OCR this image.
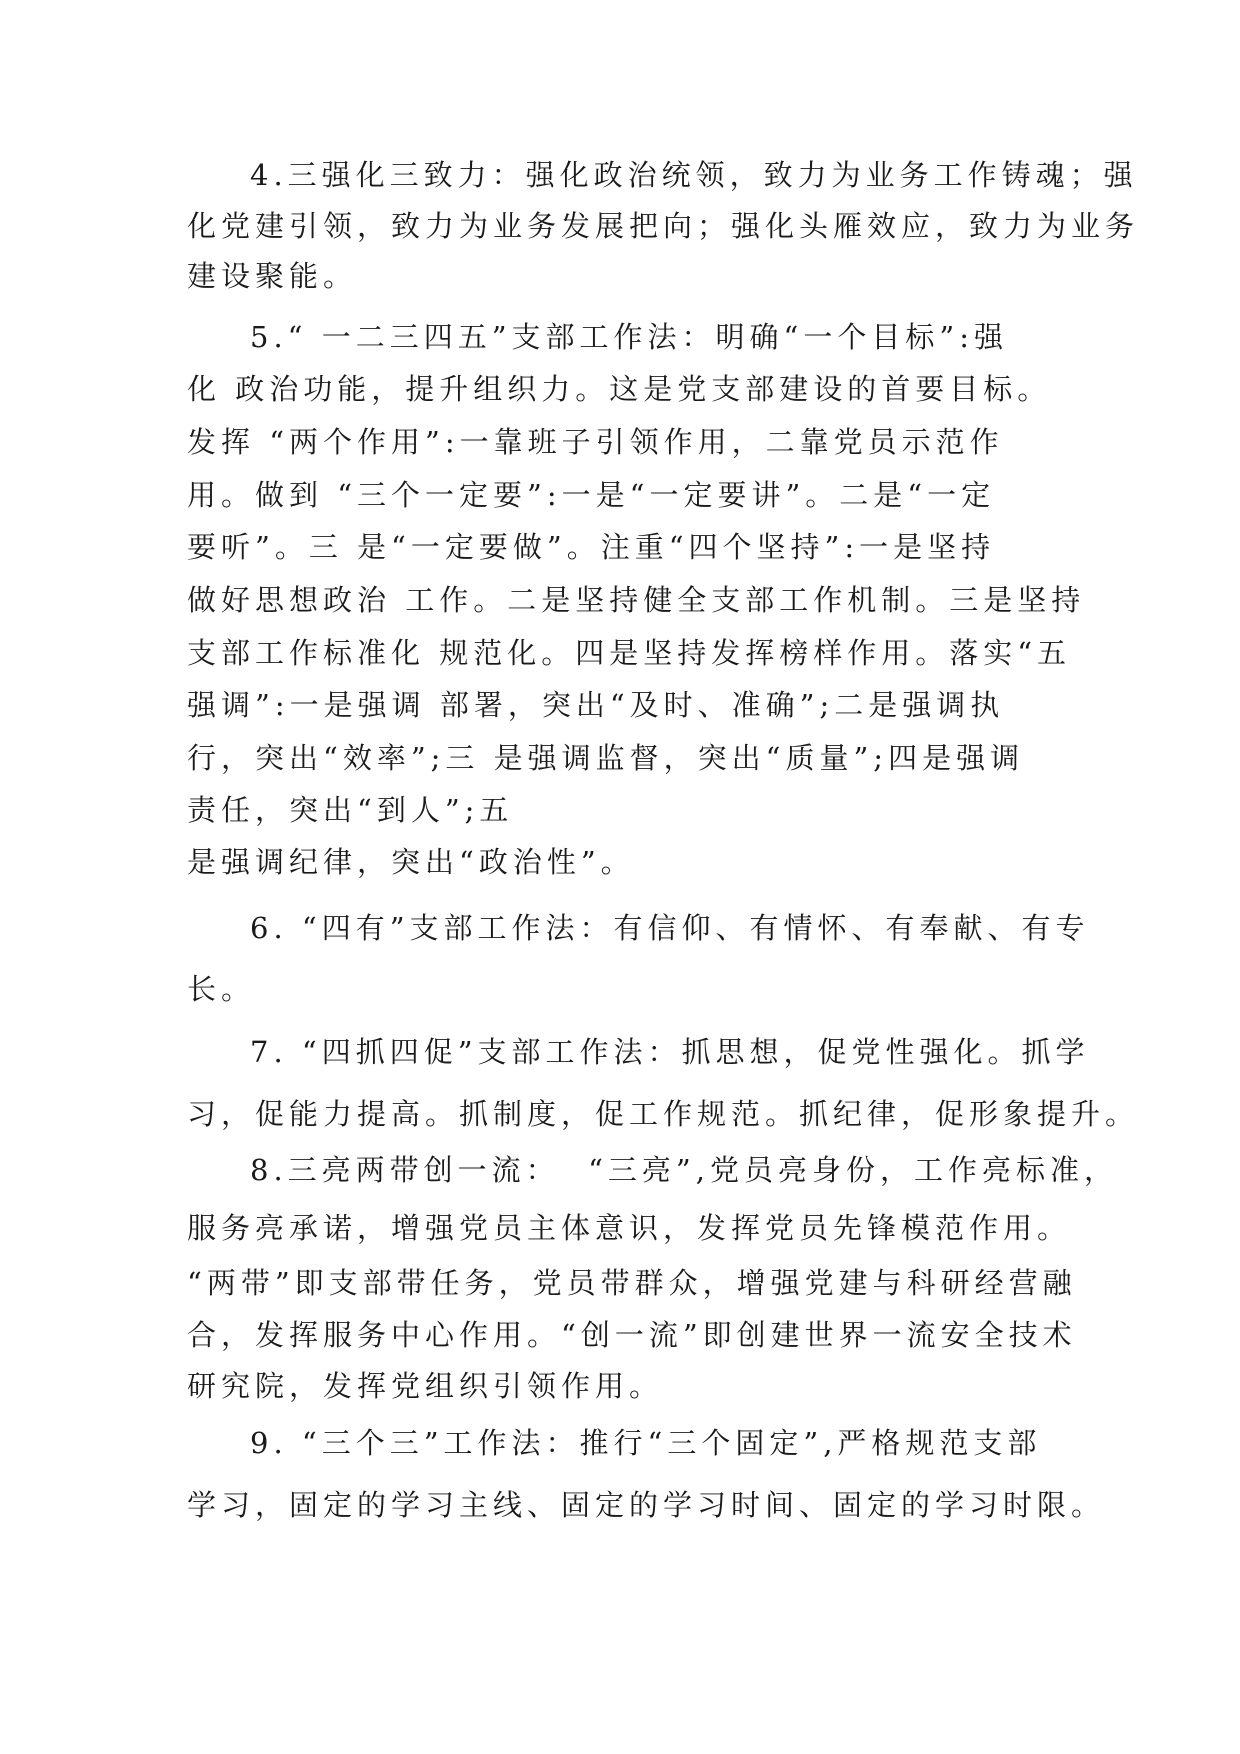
4.三强化三致力：强化政治统领，致力为业务工作铸魂；强
化党建引领，致力为业务发展把向；强化头雁效应，致力为业务
建设聚能。
5.“ 一二三四五”支部工作法：明确“一个目标”:强
化 政治功能，提升组织力。这是党支部建设的首要目标。
发挥 “两个作用”:一靠班子引领作用，二靠党员示范作
用。做到 “三个一定要”:一是“一定要讲”。二是“一定
要听”。三 是“一定要做”。注重“四个坚持”:一是坚持
做好思想政治 工作。二是坚持健全支部工作机制。三是坚持
支部工作标准化 规范化。四是坚持发挥榜样作用。落实“五
强调”:一是强调 部署，突出“及时、准确”;二是强调执
行，突出“效率”;三 是强调监督，突出“质量”;四是强调
责任，突出“到人”;五
是强调纪律，突出“政治性”。
6. “四有”支部工作法：有信仰、有情怀、有奉献、有专
长。
7. “四抓四促”支部工作法：抓思想，促党性强化。抓学
习，促能力提高。抓制度，促工作规范。抓纪律，促形象提升。
8.三亮两带创一流：  “三亮”,党员亮身份，工作亮标准，
服务亮承诺，增强党员主体意识，发挥党员先锋模范作用。
“两带”即支部带任务，党员带群众，增强党建与科研经营融
合，发挥服务中心作用。“创一流”即创建世界一流安全技术
研究院，发挥党组织引领作用。
9. “三个三”工作法：推行“三个固定”,严格规范支部
学习，固定的学习主线、固定的学习时间、固定的学习时限。
